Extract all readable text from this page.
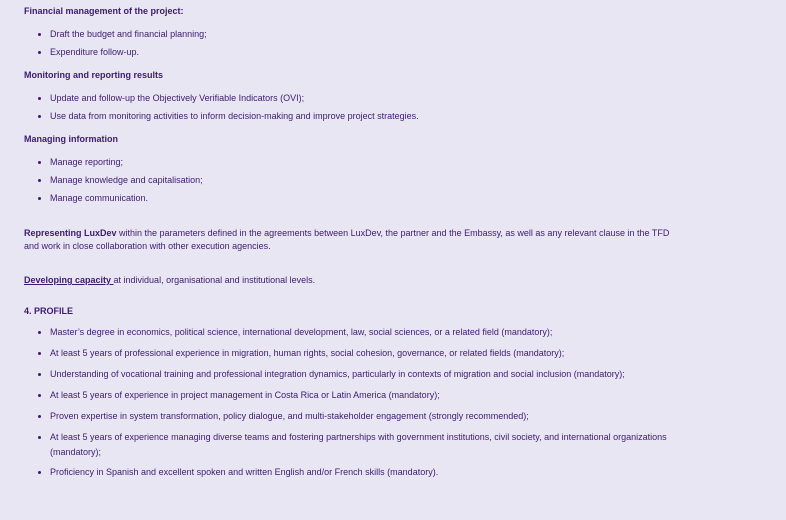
Financial management of the project:

Draft the budget and financial planning;
Expenditure follow-up.

Monitoring and reporting results

Update and follow-up the Objectively Verifiable Indicators (OVI);
Use data from monitoring activities to inform decision-making and improve project strategies.

Managing information

Manage reporting;
Manage knowledge and capitalisation;
Manage communication.

Representing LuxDev within the parameters defined in the agreements between LuxDev, the partner and the Embassy, as well as any relevant clause in the TFD
and work in close collaboration with other execution agencies.

Developing capacity at individual, organisational and institutional levels.

4. PROFILE

Master’s degree in economics, political science, international development, law, social sciences, or a related field (mandatory);
At least 5 years of professional experience in migration, human rights, social cohesion, governance, or related fields (mandatory);
Understanding of vocational training and professional integration dynamics, particularly in contexts of migration and social inclusion (mandatory);
At least 5 years of experience in project management in Costa Rica or Latin America (mandatory);
Proven expertise in system transformation, policy dialogue, and multi-stakeholder engagement (strongly recommended);
At least 5 years of experience managing diverse teams and fostering partnerships with government institutions, civil society, and international organizations
(mandatory);
Proficiency in Spanish and excellent spoken and written English and/or French skills (mandatory).
